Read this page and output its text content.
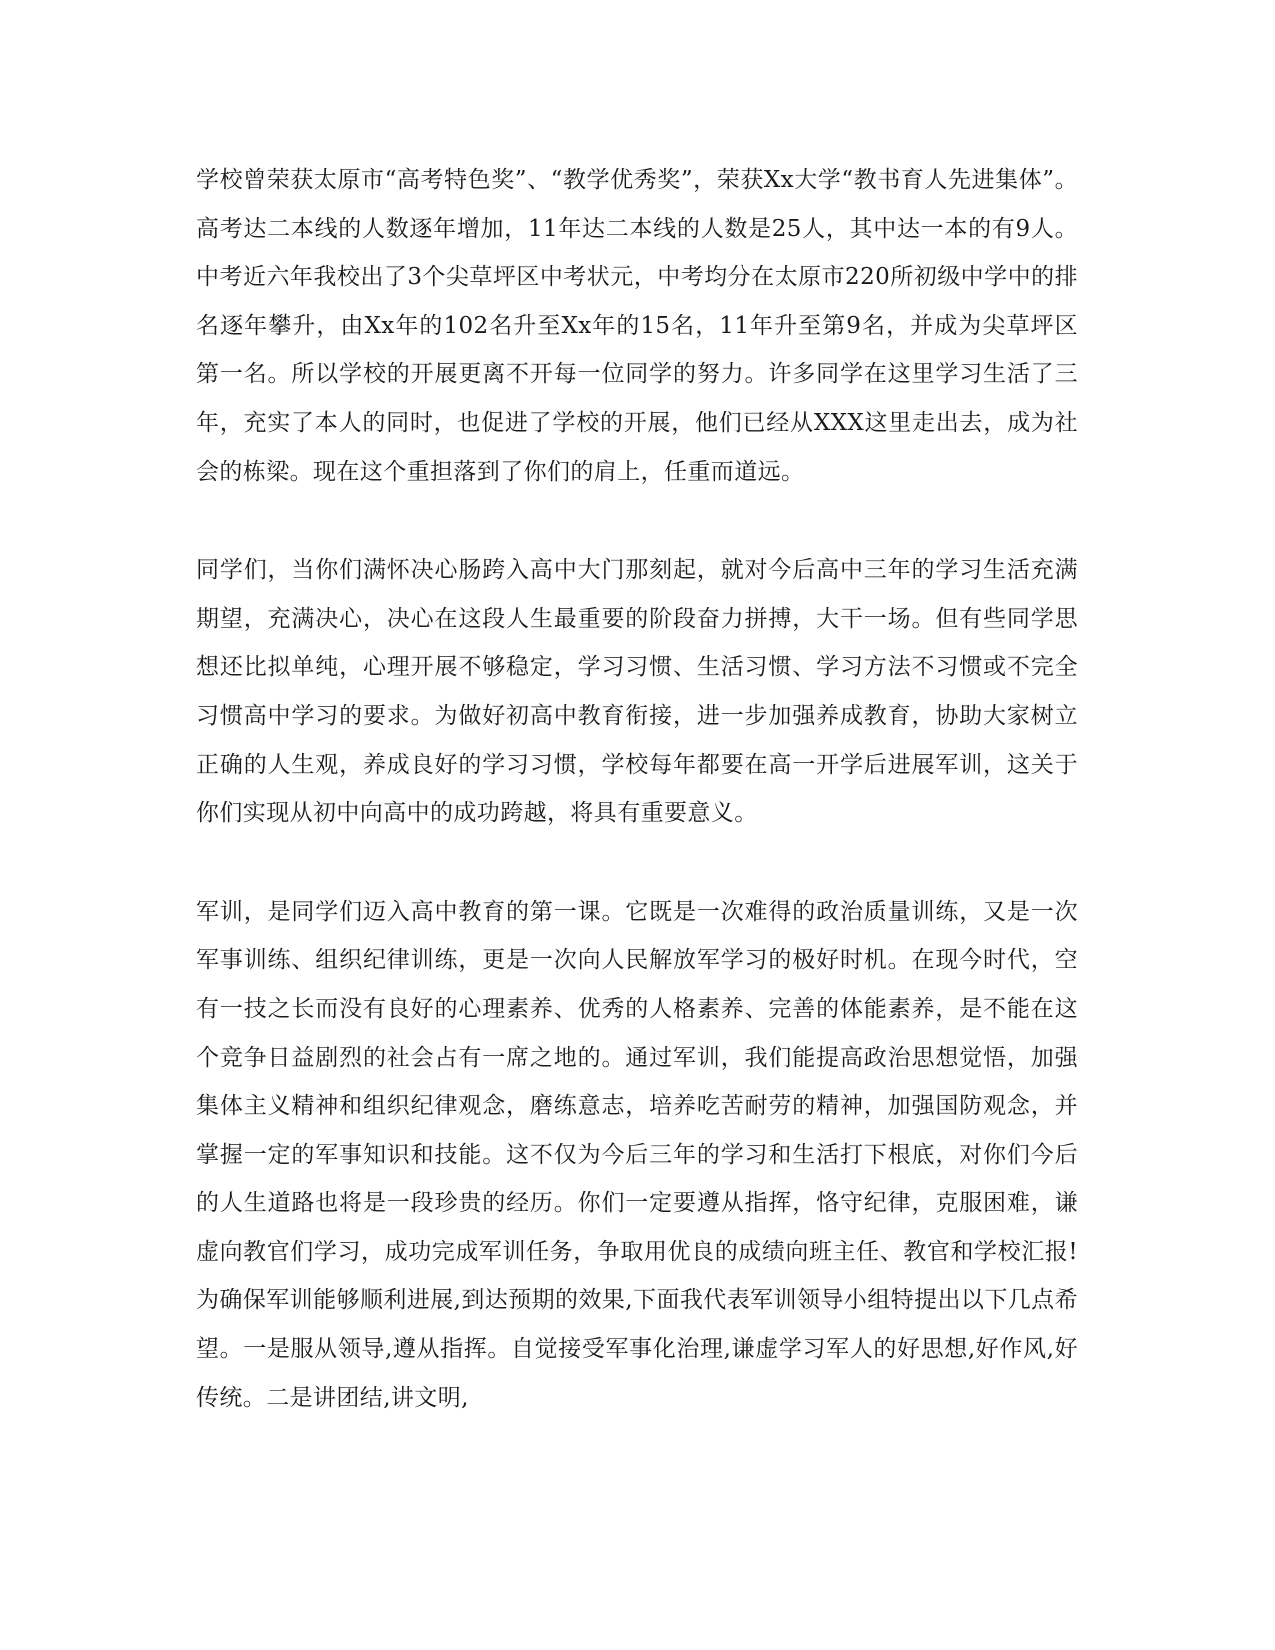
学校曾荣获太原市“高考特色奖”、“教学优秀奖”，荣获Xx大学“教书育人先进集体”。高考达二本线的人数逐年增加，11年达二本线的人数是25人，其中达一本的有9人。中考近六年我校出了3个尖草坪区中考状元，中考均分在太原市220所初级中学中的排名逐年攀升，由Xx年的102名升至Xx年的15名，11年升至第9名，并成为尖草坪区第一名。所以学校的开展更离不开每一位同学的努力。许多同学在这里学习生活了三年，充实了本人的同时，也促进了学校的开展，他们已经从XXX这里走出去，成为社会的栋梁。现在这个重担落到了你们的肩上，任重而道远。

同学们，当你们满怀决心肠跨入高中大门那刻起，就对今后高中三年的学习生活充满期望，充满决心，决心在这段人生最重要的阶段奋力拼搏，大干一场。但有些同学思想还比拟单纯，心理开展不够稳定，学习习惯、生活习惯、学习方法不习惯或不完全习惯高中学习的要求。为做好初高中教育衔接，进一步加强养成教育，协助大家树立正确的人生观，养成良好的学习习惯，学校每年都要在高一开学后进展军训，这关于你们实现从初中向高中的成功跨越，将具有重要意义。

军训，是同学们迈入高中教育的第一课。它既是一次难得的政治质量训练，又是一次军事训练、组织纪律训练，更是一次向人民解放军学习的极好时机。在现今时代，空有一技之长而没有良好的心理素养、优秀的人格素养、完善的体能素养，是不能在这个竞争日益剧烈的社会占有一席之地的。通过军训，我们能提高政治思想觉悟，加强集体主义精神和组织纪律观念，磨练意志，培养吃苦耐劳的精神，加强国防观念，并掌握一定的军事知识和技能。这不仅为今后三年的学习和生活打下根底，对你们今后的人生道路也将是一段珍贵的经历。你们一定要遵从指挥，恪守纪律，克服困难，谦虚向教官们学习，成功完成军训任务，争取用优良的成绩向班主任、教官和学校汇报!为确保军训能够顺利进展,到达预期的效果,下面我代表军训领导小组特提出以下几点希望。一是服从领导,遵从指挥。自觉接受军事化治理,谦虚学习军人的好思想,好作风,好传统。二是讲团结,讲文明,
